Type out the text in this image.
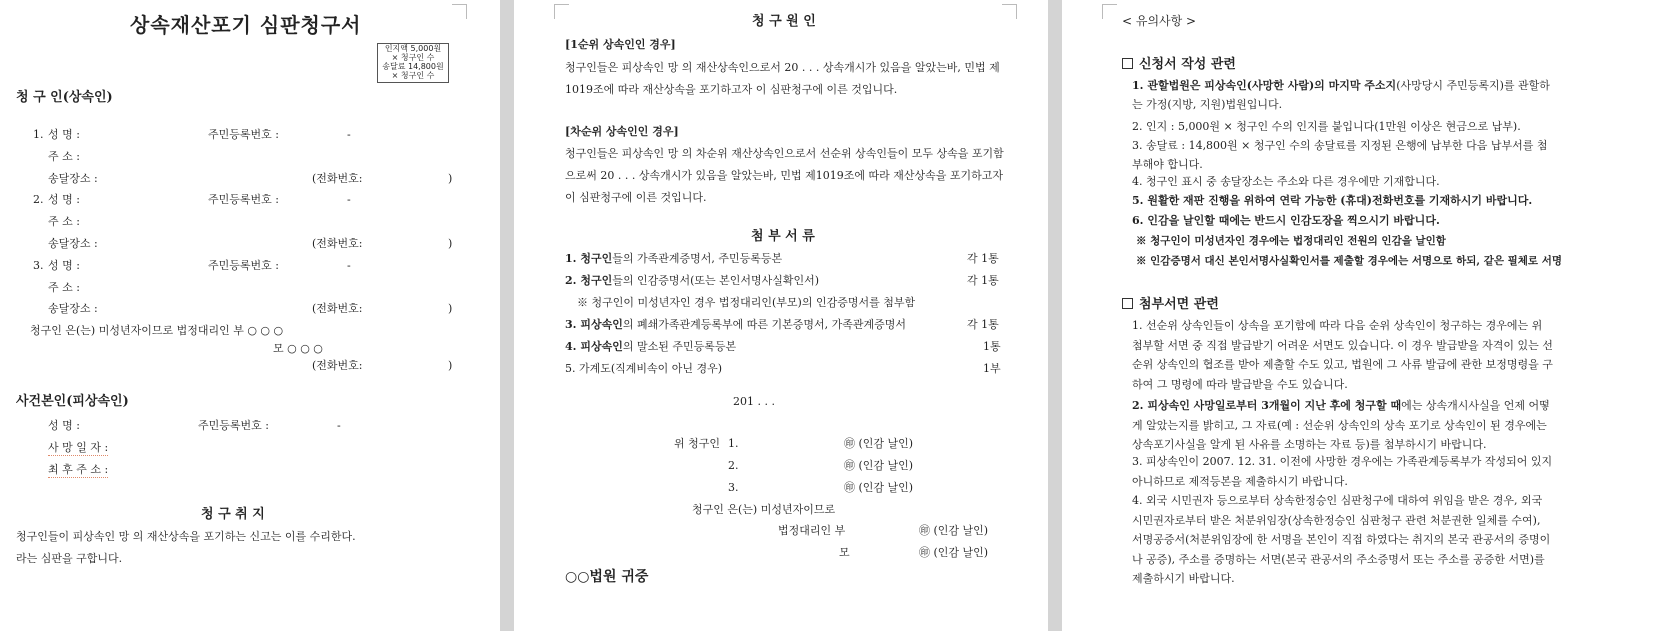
상속재산포기 심판청구서
인지액 5,000원
× 청구인 수
송달료 14,800원
× 청구인 수
청 구 인(상속인)
1. 성 명 :	주민등록번호 :	-
주 소 :
송달장소 :	(전화번호:	)
2. 성 명 :	주민등록번호 :	-
주 소 :
송달장소 :	(전화번호:	)
3. 성 명 :	주민등록번호 :	-
주 소 :
송달장소 :	(전화번호:	)
청구인 은(는) 미성년자이므로 법정대리인 부 ○ ○ ○
모 ○ ○ ○
(전화번호:	)
사건본인(피상속인)
성 명 :	주민등록번호 :	-
사 망 일 자 :
최 후 주 소 :
청 구 취 지
청구인들이 피상속인 망 의 재산상속을 포기하는 신고는 이를 수리한다.
라는 심판을 구합니다.
청 구 원 인
[1순위 상속인인 경우]
청구인들은 피상속인 망 의 재산상속인으로서 20 . . . 상속개시가 있음을 알았는바, 민법 제1019조에 따라 재산상속을 포기하고자 이 심판청구에 이른 것입니다.
[차순위 상속인인 경우]
청구인들은 피상속인 망 의 차순위 재산상속인으로서 선순위 상속인들이 모두 상속을 포기함으로써 20 . . . 상속개시가 있음을 알았는바, 민법 제1019조에 따라 재산상속을 포기하고자 이 심판청구에 이른 것입니다.
첨 부 서 류
1. 청구인들의 가족관계증명서, 주민등록등본	각 1통
2. 청구인들의 인감증명서(또는 본인서명사실확인서)	각 1통
※ 청구인이 미성년자인 경우 법정대리인(부모)의 인감증명서를 첨부함
3. 피상속인의 폐쇄가족관계등록부에 따른 기본증명서, 가족관계증명서	각 1통
4. 피상속인의 말소된 주민등록등본	1통
5. 가계도(직계비속이 아닌 경우)	1부
201 . . .
위 청구인 1.	㊞ (인감 날인)
2.	㊞ (인감 날인)
3.	㊞ (인감 날인)
청구인 은(는) 미성년자이므로
법정대리인 부	㊞ (인감 날인)
모	㊞ (인감 날인)
○○법원 귀중
< 유의사항 >
신청서 작성 관련
1. 관할법원은 피상속인(사망한 사람)의 마지막 주소지(사망당시 주민등록지)를 관할하는 가정(지방, 지원)법원입니다.
2. 인지 : 5,000원 × 청구인 수의 인지를 붙입니다(1만원 이상은 현금으로 납부).
3. 송달료 : 14,800원 × 청구인 수의 송달료를 지정된 은행에 납부한 다음 납부서를 첨부해야 합니다.
4. 청구인 표시 중 송달장소는 주소와 다른 경우에만 기재합니다.
5. 원활한 재판 진행을 위하여 연락 가능한 (휴대)전화번호를 기재하시기 바랍니다.
6. 인감을 날인할 때에는 반드시 인감도장을 찍으시기 바랍니다.
※ 청구인이 미성년자인 경우에는 법정대리인 전원의 인감을 날인함
※ 인감증명서 대신 본인서명사실확인서를 제출할 경우에는 서명으로 하되, 같은 필체로 서명
첨부서면 관련
1. 선순위 상속인들이 상속을 포기함에 따라 다음 순위 상속인이 청구하는 경우에는 위 첨부할 서면 중 직접 발급받기 어려운 서면도 있습니다. 이 경우 발급받을 자격이 있는 선순위 상속인의 협조를 받아 제출할 수도 있고, 법원에 그 사류 발급에 관한 보정명령을 구하여 그 명령에 따라 발급받을 수도 있습니다.
2. 피상속인 사망일로부터 3개월이 지난 후에 청구할 때에는 상속개시사실을 언제 어떻게 알았는지를 밝히고, 그 자료(예 : 선순위 상속인의 상속 포기로 상속인이 된 경우에는 상속포기사실을 알게 된 사유를 소명하는 자료 등)를 첨부하시기 바랍니다.
3. 피상속인이 2007. 12. 31. 이전에 사망한 경우에는 가족관계등록부가 작성되어 있지 아니하므로 제적등본을 제출하시기 바랍니다.
4. 외국 시민권자 등으로부터 상속한정승인 심판청구에 대하여 위임을 받은 경우, 외국 시민권자로부터 받은 처분위임장(상속한정승인 심판청구 관련 처분권한 일체를 수여), 서명공증서(처분위임장에 한 서명을 본인이 직접 하였다는 취지의 본국 관공서의 증명이나 공증), 주소를 증명하는 서면(본국 관공서의 주소증명서 또는 주소를 공증한 서면)를 제출하시기 바랍니다.
